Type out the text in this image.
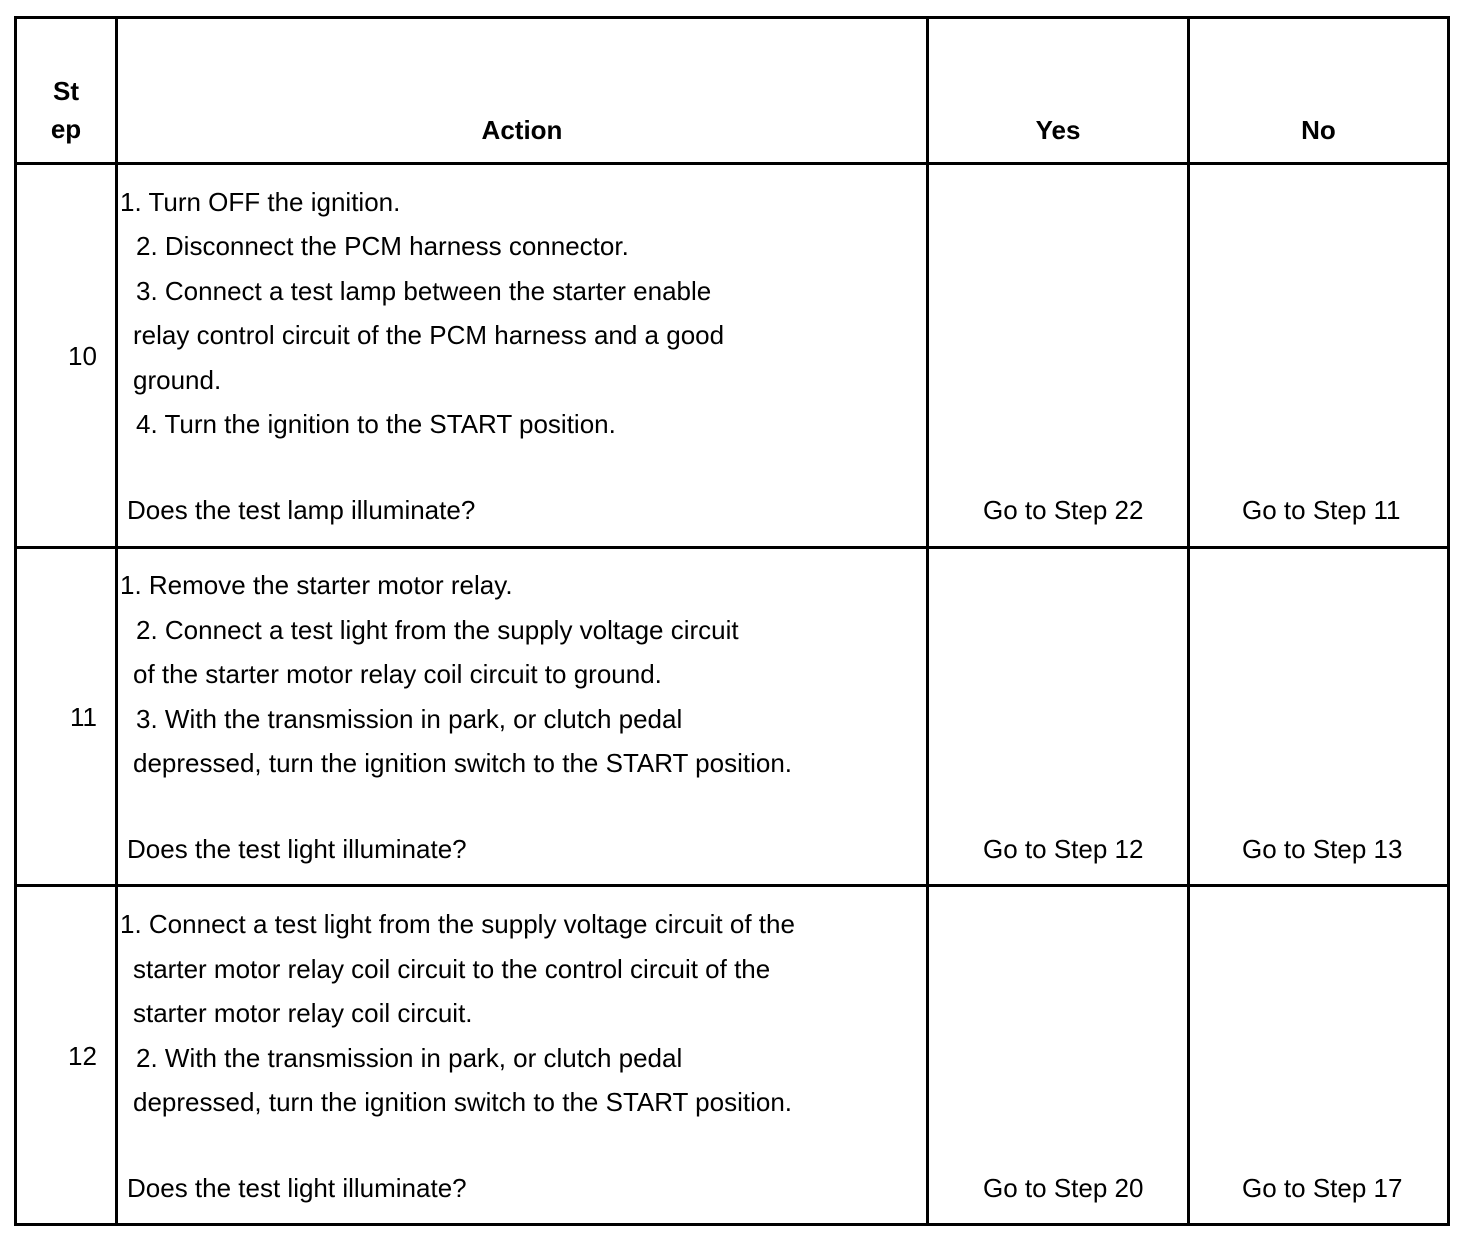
St
ep	Action	Yes	No
10
1. Turn OFF the ignition.
2. Disconnect the PCM harness connector.
3. Connect a test lamp between the starter enable
relay control circuit of the PCM harness and a good
ground.
4. Turn the ignition to the START position.
Does the test lamp illuminate?	Go to Step 22	Go to Step 11
11
1. Remove the starter motor relay.
2. Connect a test light from the supply voltage circuit
of the starter motor relay coil circuit to ground.
3. With the transmission in park, or clutch pedal
depressed, turn the ignition switch to the START position.
Does the test light illuminate?	Go to Step 12	Go to Step 13
12
1. Connect a test light from the supply voltage circuit of the
starter motor relay coil circuit to the control circuit of the
starter motor relay coil circuit.
2. With the transmission in park, or clutch pedal
depressed, turn the ignition switch to the START position.
Does the test light illuminate?	Go to Step 20	Go to Step 17
